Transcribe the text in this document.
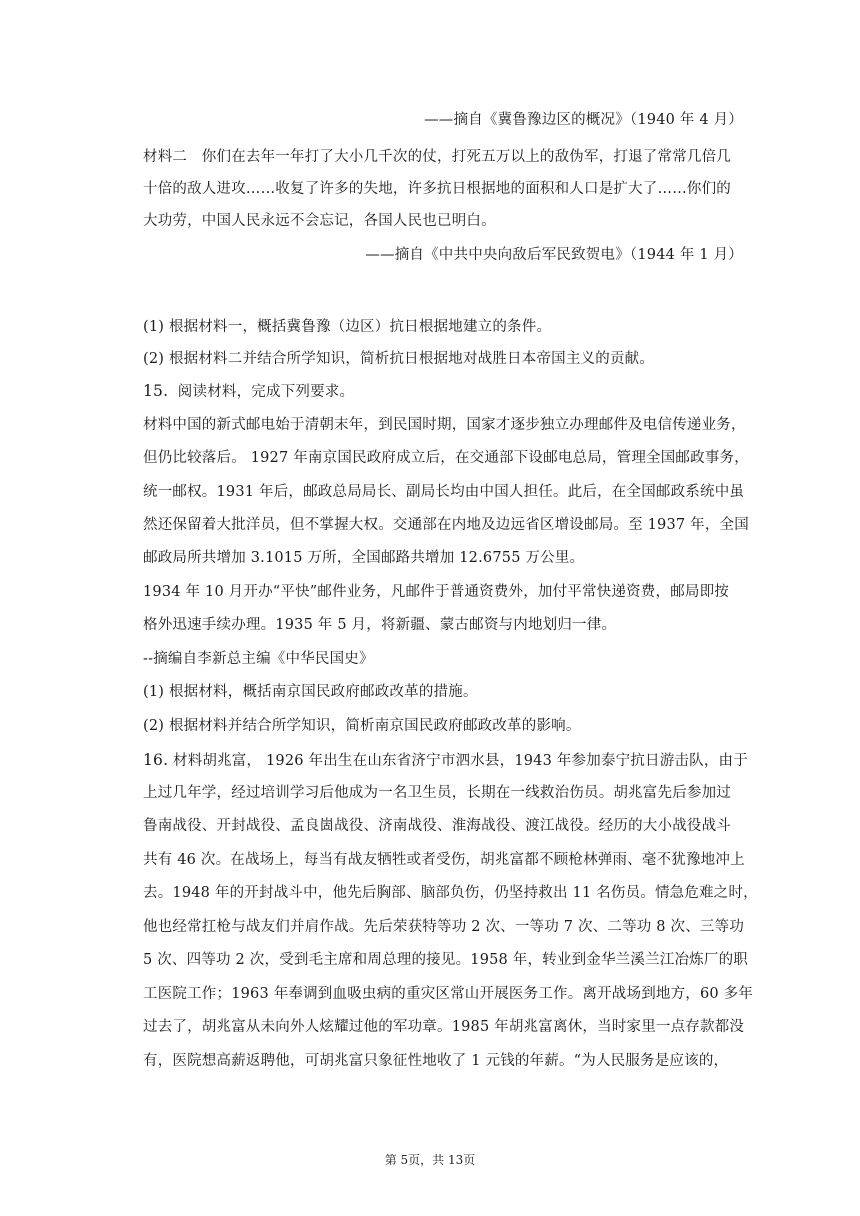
——摘自《冀鲁豫边区的概况》（1940 年 4 月）
材料二　你们在去年一年打了大小几千次的仗，打死五万以上的敌伪军，打退了常常几倍几
十倍的敌人进攻……收复了许多的失地，许多抗日根据地的面积和人口是扩大了……你们的
大功劳，中国人民永远不会忘记，各国人民也已明白。
——摘自《中共中央向敌后军民致贺电》（1944 年 1 月）
(1) 根据材料一，概括冀鲁豫（边区）抗日根据地建立的条件。
(2) 根据材料二并结合所学知识，简析抗日根据地对战胜日本帝国主义的贡献。
15. 阅读材料，完成下列要求。
材料中国的新式邮电始于清朝末年，到民国时期，国家才逐步独立办理邮件及电信传递业务，
但仍比较落后。 1927 年南京国民政府成立后，在交通部下设邮电总局，管理全国邮政事务，
统一邮权。1931 年后，邮政总局局长、副局长均由中国人担任。此后，在全国邮政系统中虽
然还保留着大批洋员，但不掌握大权。交通部在内地及边远省区增设邮局。至 1937 年，全国
邮政局所共增加 3.1015 万所，全国邮路共增加 12.6755 万公里。
1934 年 10 月开办“平快”邮件业务，凡邮件于普通资费外，加付平常快递资费，邮局即按
格外迅速手续办理。1935 年 5 月，将新疆、蒙古邮资与内地划归一律。
--摘编自李新总主编《中华民国史》
(1) 根据材料，概括南京国民政府邮政改革的措施。
(2) 根据材料并结合所学知识，简析南京国民政府邮政改革的影响。
16. 材料胡兆富， 1926 年出生在山东省济宁市泗水县，1943 年参加泰宁抗日游击队，由于
上过几年学，经过培训学习后他成为一名卫生员，长期在一线救治伤员。胡兆富先后参加过
鲁南战役、开封战役、孟良崮战役、济南战役、淮海战役、渡江战役。经历的大小战役战斗
共有 46 次。在战场上，每当有战友牺牲或者受伤，胡兆富都不顾枪林弹雨、毫不犹豫地冲上
去。1948 年的开封战斗中，他先后胸部、脑部负伤，仍坚持救出 11 名伤员。情急危难之时，
他也经常扛枪与战友们并肩作战。先后荣获特等功 2 次、一等功 7 次、二等功 8 次、三等功
5 次、四等功 2 次，受到毛主席和周总理的接见。1958 年，转业到金华兰溪兰江冶炼厂的职
工医院工作；1963 年奉调到血吸虫病的重灾区常山开展医务工作。离开战场到地方，60 多年
过去了，胡兆富从未向外人炫耀过他的军功章。1985 年胡兆富离休，当时家里一点存款都没
有，医院想高薪返聘他，可胡兆富只象征性地收了 1 元钱的年薪。“为人民服务是应该的，
第 5页，共 13页
